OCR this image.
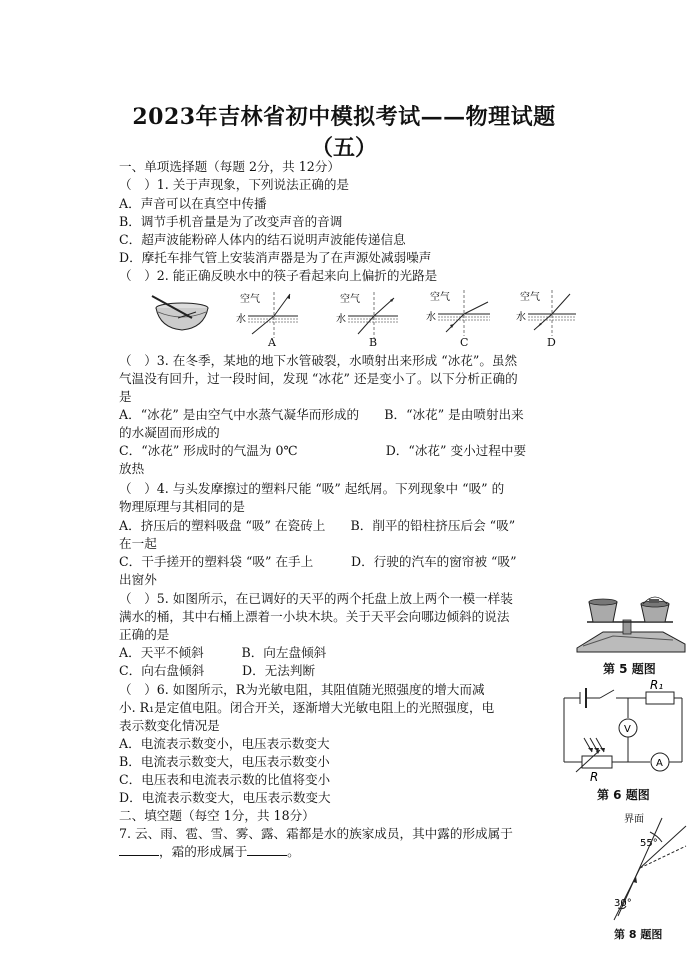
2023年吉林省初中模拟考试——物理试题
（五）
一、单项选择题（每题 2分，共 12分）
（　）1. 关于声现象，下列说法正确的是
A．声音可以在真空中传播
B．调节手机音量是为了改变声音的音调
C．超声波能粉碎人体内的结石说明声波能传递信息
D．摩托车排气管上安装消声器是为了在声源处减弱噪声
（　）2. 能正确反映水中的筷子看起来向上偏折的光路是
空气
水
空气
水
空气
水
空气
水
A	B	C	D
（　）3. 在冬季，某地的地下水管破裂，水喷射出来形成 “冰花”。虽然
气温没有回升，过一段时间，发现 “冰花” 还是变小了。以下分析正确的
是
A．“冰花” 是由空气中水蒸气凝华而形成的　　B．“冰花” 是由喷射出来
的水凝固而形成的
C．“冰花” 形成时的气温为 0℃　　　　　　　D．“冰花” 变小过程中要
放热
（　）4. 与头发摩擦过的塑料尺能 “吸” 起纸屑。下列现象中 “吸” 的
物理原理与其相同的是
A．挤压后的塑料吸盘 “吸” 在瓷砖上　　B．削平的铅柱挤压后会 “吸”
在一起
C．干手搓开的塑料袋 “吸” 在手上　　　D．行驶的汽车的窗帘被 “吸”
出窗外
（　）5. 如图所示，在已调好的天平的两个托盘上放上两个一模一样装
满水的桶，其中右桶上漂着一小块木块。关于天平会向哪边倾斜的说法
正确的是
A．天平不倾斜　　　B．向左盘倾斜
C．向右盘倾斜　　　D．无法判断	第 5 题图
（　）6. 如图所示，R为光敏电阻，其阻值随光照强度的增大而减
小. R₁是定值电阻。闭合开关，逐渐增大光敏电阻上的光照强度，电
表示数变化情况是
A．电流表示数变小，电压表示数变大
B．电流表示数变大，电压表示数变小
C．电压表和电流表示数的比值将变小
D．电流表示数变大，电压表示数变大
R₁
V
A
R
第 6 题图
二、填空题（每空 1分，共 18分）
7. 云、雨、雹、雪、雾、露、霜都是水的族家成员，其中露的形成属于
，霜的形成属于	。
界面
55°
30°
第 8 题图
